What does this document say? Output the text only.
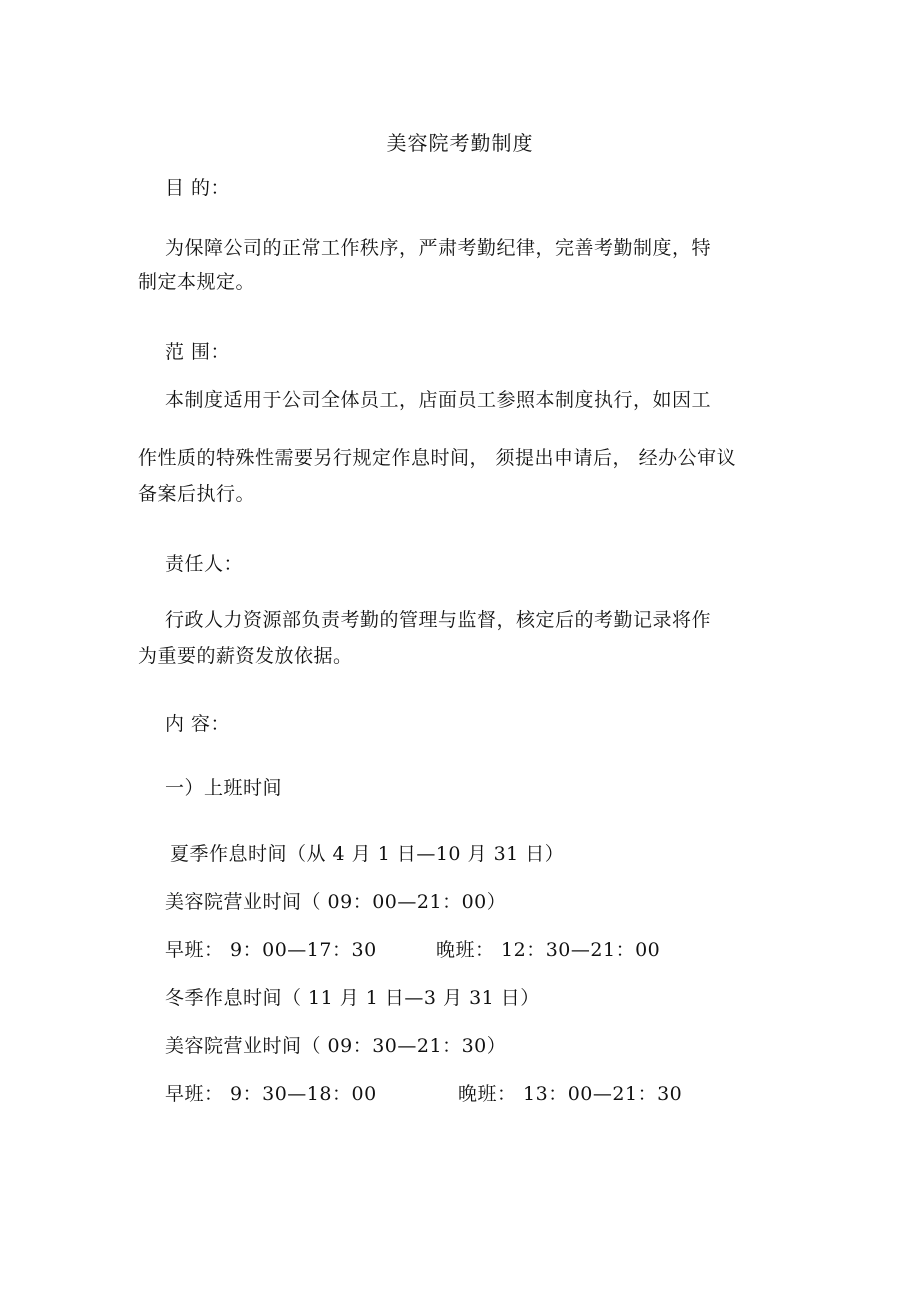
美容院考勤制度
目 的：
为保障公司的正常工作秩序，严肃考勤纪律，完善考勤制度，特
制定本规定。
范 围：
本制度适用于公司全体员工，店面员工参照本制度执行，如因工
作性质的特殊性需要另行规定作息时间， 须提出申请后， 经办公审议
备案后执行。
责任人：
行政人力资源部负责考勤的管理与监督，核定后的考勤记录将作
为重要的薪资发放依据。
内 容：
一）上班时间
夏季作息时间（从 4 月 1 日—10 月 31 日）
美容院营业时间（ 09：00—21：00）
早班： 9：00—17：30	晚班： 12：30—21：00
冬季作息时间（ 11 月 1 日—3 月 31 日）
美容院营业时间（ 09：30—21：30）
早班： 9：30—18：00	晚班： 13：00—21：30
